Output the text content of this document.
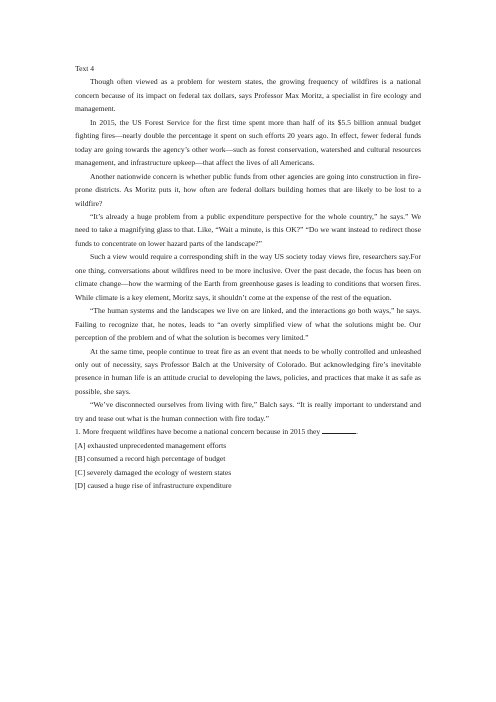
Text 4

Though often viewed as a problem for western states, the growing frequency of wildfires is a national concern because of its impact on federal tax dollars, says Professor Max Moritz, a specialist in fire ecology and management.

In 2015, the US Forest Service for the first time spent more than half of its $5.5 billion annual budget fighting fires—nearly double the percentage it spent on such efforts 20 years ago. In effect, fewer federal funds today are going towards the agency’s other work—such as forest conservation, watershed and cultural resources management, and infrastructure upkeep—that affect the lives of all Americans.

Another nationwide concern is whether public funds from other agencies are going into construction in fire-prone districts. As Moritz puts it, how often are federal dollars building homes that are likely to be lost to a wildfire?

“It’s already a huge problem from a public expenditure perspective for the whole country,” he says.” We need to take a magnifying glass to that. Like, “Wait a minute, is this OK?” “Do we want instead to redirect those funds to concentrate on lower hazard parts of the landscape?”

Such a view would require a corresponding shift in the way US society today views fire, researchers say.For one thing, conversations about wildfires need to be more inclusive. Over the past decade, the focus has been on climate change—how the warming of the Earth from greenhouse gases is leading to conditions that worsen fires. While climate is a key element, Moritz says, it shouldn’t come at the expense of the rest of the equation.

“The human systems and the landscapes we live on are linked, and the interactions go both ways,” he says. Failing to recognize that, he notes, leads to “an overly simplified view of what the solutions might be. Our perception of the problem and of what the solution is becomes very limited.”

At the same time, people continue to treat fire as an event that needs to be wholly controlled and unleashed only out of necessity, says Professor Balch at the University of Colorado. But acknowledging fire’s inevitable presence in human life is an attitude crucial to developing the laws, policies, and practices that make it as safe as possible, she says.

“We’ve disconnected ourselves from living with fire,” Balch says. “It is really important to understand and try and tease out what is the human connection with fire today.”

1. More frequent wildfires have become a national concern because in 2015 they	.

[A] exhausted unprecedented management efforts

[B] consumed a record high percentage of budget

[C] severely damaged the ecology of western states

[D] caused a huge rise of infrastructure expenditure
